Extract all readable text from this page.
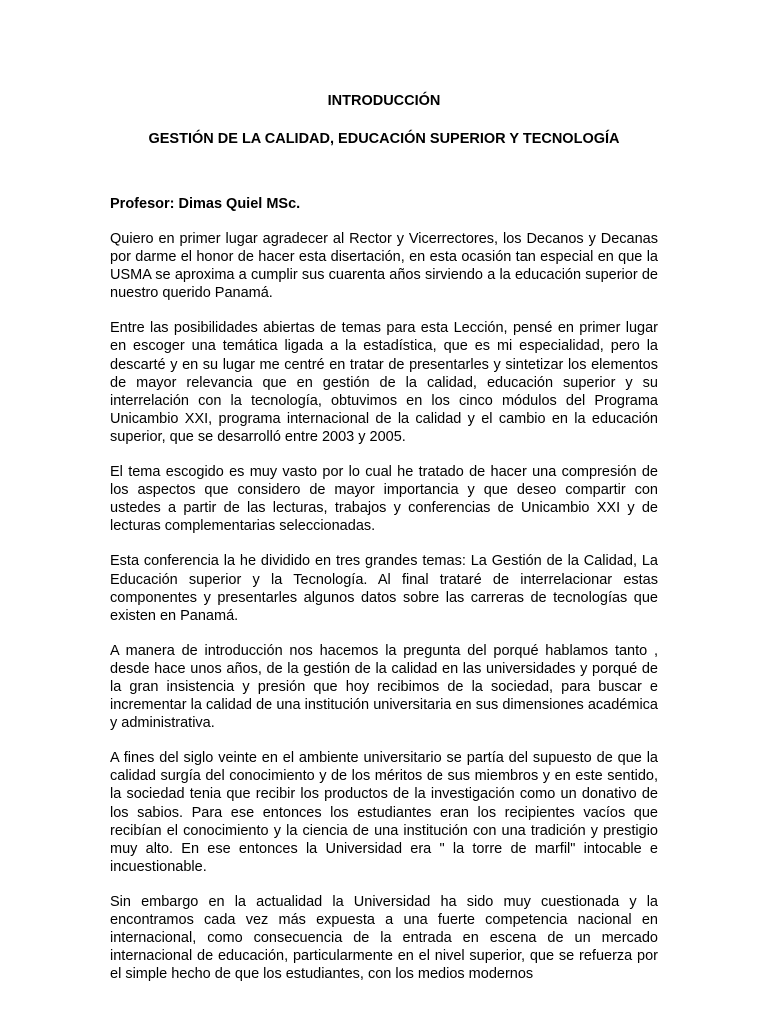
INTRODUCCIÓN

GESTIÓN DE LA CALIDAD, EDUCACIÓN SUPERIOR Y TECNOLOGÍA

Profesor: Dimas Quiel MSc.

Quiero en primer lugar agradecer al Rector y Vicerrectores, los Decanos y Decanas por darme el honor de hacer esta disertación, en esta ocasión tan especial en que la USMA se aproxima a cumplir sus cuarenta años sirviendo a la educación superior de nuestro querido Panamá.

Entre las posibilidades abiertas de temas para esta Lección, pensé en primer lugar en escoger una temática ligada a la estadística, que es mi especialidad, pero la descarté y en su lugar me centré en tratar de presentarles y sintetizar los elementos de mayor relevancia que en gestión de la calidad, educación superior y su interrelación con la tecnología, obtuvimos en los cinco módulos del Programa Unicambio XXI, programa internacional de la calidad y el cambio en la educación superior, que se desarrolló entre 2003 y 2005.

El tema escogido es muy vasto por lo cual he tratado de hacer una compresión de los aspectos que considero de mayor importancia y que deseo compartir con ustedes a partir de las lecturas, trabajos y conferencias de Unicambio XXI y de lecturas complementarias seleccionadas.

Esta conferencia la he dividido en tres grandes temas: La Gestión de la Calidad, La Educación superior y la Tecnología. Al final trataré de interrelacionar estas componentes y presentarles algunos datos sobre las carreras de tecnologías que existen en Panamá.

A manera de introducción nos hacemos la pregunta del porqué hablamos tanto , desde hace unos años, de la gestión de la calidad en las universidades y porqué de la gran insistencia y presión que hoy recibimos de la sociedad, para buscar e incrementar la calidad de una institución universitaria en sus dimensiones académica y administrativa.

A fines del siglo veinte en el ambiente universitario se partía del supuesto de que la calidad surgía del conocimiento y de los méritos de sus miembros y en este sentido, la sociedad tenia que recibir los productos de la investigación como un donativo de los sabios. Para ese entonces los estudiantes eran los recipientes vacíos que recibían el conocimiento y la ciencia de una institución con una tradición y prestigio muy alto. En ese entonces la Universidad era " la torre de marfil" intocable e incuestionable.

Sin embargo en la actualidad la Universidad ha sido muy cuestionada y la encontramos cada vez más expuesta a una fuerte competencia nacional en internacional, como consecuencia de la entrada en escena de un mercado internacional de educación, particularmente en el nivel superior, que se refuerza por el simple hecho de que los estudiantes, con los medios modernos
